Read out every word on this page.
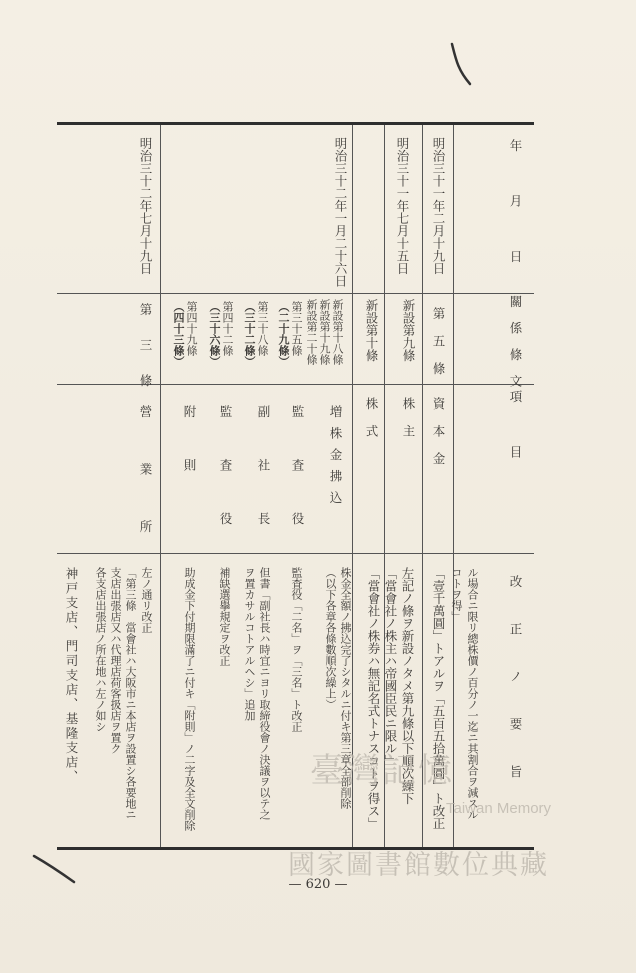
年 月 日
關係條文
項 目
改 正 ノ 要 旨
ル場合ニ限リ總株價ノ百分ノ一迄ニ其割合ヲ減スル
コトヲ得」
明治三十一年二月十九日
第 五 條
資 本 金
「壹千萬圓」トアルヲ「五百五拾萬圓」ト改正
明治三十一年七月十五日
新設第九條
新設第十條
株 主
株 式
左記ノ條ヲ新設ノタメ第九條以下順次繰下
「當會社ノ株主ハ帝國臣民ニ限ル」
「當會社ノ株券ハ無記名式トナスコトヲ得ス」
明治三十二年一月二十六日
新設第十八條
新設第十九條
新設第二十條
第三十五條
（二十九條）
第三十八條
（三十二條）
第四十二條
（三十六條）
第四十九條
（四十三條）
増株金拂込
監 査 役
副 社 長
監 査 役
附 則
株金全額ノ拂込完了シタルニ付キ第三章全部削除
（以下各章各條數順次繰上）
監査役「二名」ヲ「三名」ト改正
但書「副社長ハ時宜ニヨリ取締役會ノ決議ヲ以テ之
ヲ置カサルコトアルヘシ」追加
補缺選擧規定ヲ改正
助成金下付期限滿了ニ付キ「附則」ノ二字及全文削除
明治三十二年七月十九日
第 三 條
營 業 所
左ノ通リ改正
「第三條　當會社ハ大阪市ニ本店ヲ設置シ各要地ニ
支店出張店又ハ代理店荷客扱店ヲ置ク
各支店出張店ノ所在地ハ左ノ如シ
神戸支店、門司支店、基隆支店、	臺灣記憶
Taiwan Memory
國家圖書館數位典藏
— 620 —
